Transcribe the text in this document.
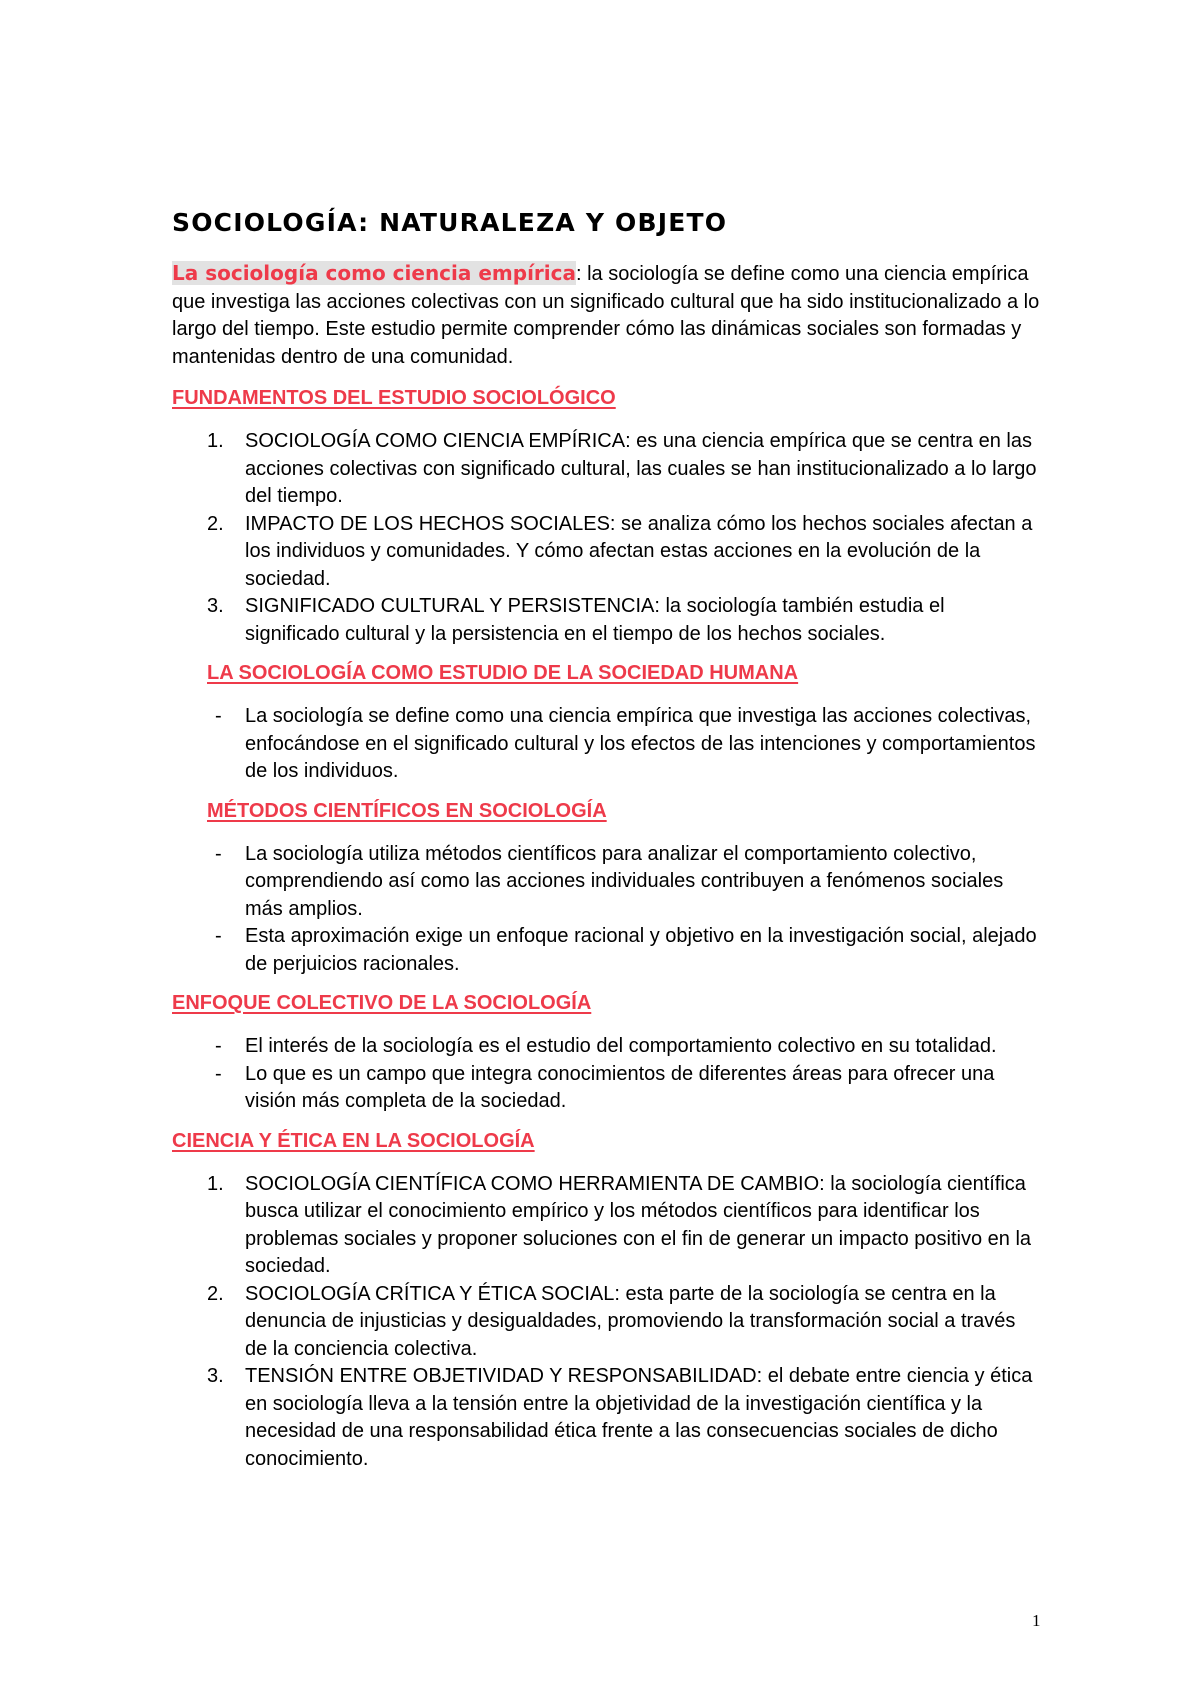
SOCIOLOGÍA: NATURALEZA Y OBJETO

La sociología como ciencia empírica: la sociología se define como una ciencia empírica que investiga las acciones colectivas con un significado cultural que ha sido institucionalizado a lo largo del tiempo. Este estudio permite comprender cómo las dinámicas sociales son formadas y mantenidas dentro de una comunidad.

FUNDAMENTOS DEL ESTUDIO SOCIOLÓGICO
1. SOCIOLOGÍA COMO CIENCIA EMPÍRICA: es una ciencia empírica que se centra en las acciones colectivas con significado cultural, las cuales se han institucionalizado a lo largo del tiempo.
2. IMPACTO DE LOS HECHOS SOCIALES: se analiza cómo los hechos sociales afectan a los individuos y comunidades. Y cómo afectan estas acciones en la evolución de la sociedad.
3. SIGNIFICADO CULTURAL Y PERSISTENCIA: la sociología también estudia el significado cultural y la persistencia en el tiempo de los hechos sociales.
LA SOCIOLOGÍA COMO ESTUDIO DE LA SOCIEDAD HUMANA
- La sociología se define como una ciencia empírica que investiga las acciones colectivas, enfocándose en el significado cultural y los efectos de las intenciones y comportamientos de los individuos.
MÉTODOS CIENTÍFICOS EN SOCIOLOGÍA
- La sociología utiliza métodos científicos para analizar el comportamiento colectivo, comprendiendo así como las acciones individuales contribuyen a fenómenos sociales más amplios.
- Esta aproximación exige un enfoque racional y objetivo en la investigación social, alejado de perjuicios racionales.
ENFOQUE COLECTIVO DE LA SOCIOLOGÍA
- El interés de la sociología es el estudio del comportamiento colectivo en su totalidad.
- Lo que es un campo que integra conocimientos de diferentes áreas para ofrecer una visión más completa de la sociedad.
CIENCIA Y ÉTICA EN LA SOCIOLOGÍA
1. SOCIOLOGÍA CIENTÍFICA COMO HERRAMIENTA DE CAMBIO: la sociología científica busca utilizar el conocimiento empírico y los métodos científicos para identificar los problemas sociales y proponer soluciones con el fin de generar un impacto positivo en la sociedad.
2. SOCIOLOGÍA CRÍTICA Y ÉTICA SOCIAL: esta parte de la sociología se centra en la denuncia de injusticias y desigualdades, promoviendo la transformación social a través de la conciencia colectiva.
3. TENSIÓN ENTRE OBJETIVIDAD Y RESPONSABILIDAD: el debate entre ciencia y ética en sociología lleva a la tensión entre la objetividad de la investigación científica y la necesidad de una responsabilidad ética frente a las consecuencias sociales de dicho conocimiento.
1
